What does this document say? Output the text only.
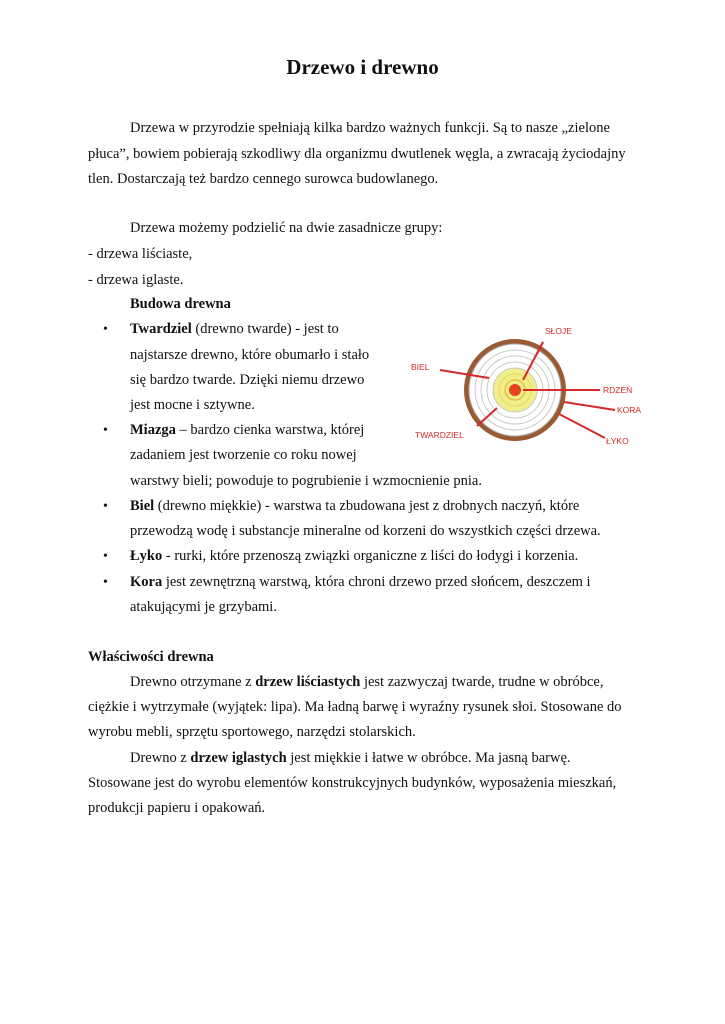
Drzewo i drewno
Drzewa w przyrodzie spełniają kilka bardzo ważnych funkcji. Są to nasze „zielone
płuca”, bowiem pobierają szkodliwy dla organizmu dwutlenek węgla, a zwracają życiodajny
tlen. Dostarczają też bardzo cennego surowca budowlanego.
Drzewa możemy podzielić na dwie zasadnicze grupy:
- drzewa liściaste,
- drzewa iglaste.
Budowa drewna
• Twardziel (drewno twarde) - jest to
najstarsze drewno, które obumarło i stało
się bardzo twarde. Dzięki niemu drzewo
jest mocne i sztywne.
• Miazga – bardzo cienka warstwa, której
zadaniem jest tworzenie co roku nowej
warstwy bieli; powoduje to pogrubienie i wzmocnienie pnia.
• Biel (drewno miękkie) - warstwa ta zbudowana jest z drobnych naczyń, które
przewodzą wodę i substancje mineralne od korzeni do wszystkich części drzewa.
• Łyko - rurki, które przenoszą związki organiczne z liści do łodygi i korzenia.
• Kora jest zewnętrzną warstwą, która chroni drzewo przed słońcem, deszczem i
atakującymi je grzybami.
SŁOJE
BIEL
RDZEŃ
KORA
TWARDZIEL
ŁYKO
Właściwości drewna
Drewno otrzymane z drzew liściastych jest zazwyczaj twarde, trudne w obróbce,
ciężkie i wytrzymałe (wyjątek: lipa). Ma ładną barwę i wyraźny rysunek słoi. Stosowane do
wyrobu mebli, sprzętu sportowego, narzędzi stolarskich.
Drewno z drzew iglastych jest miękkie i łatwe w obróbce. Ma jasną barwę.
Stosowane jest do wyrobu elementów konstrukcyjnych budynków, wyposażenia mieszkań,
produkcji papieru i opakowań.
